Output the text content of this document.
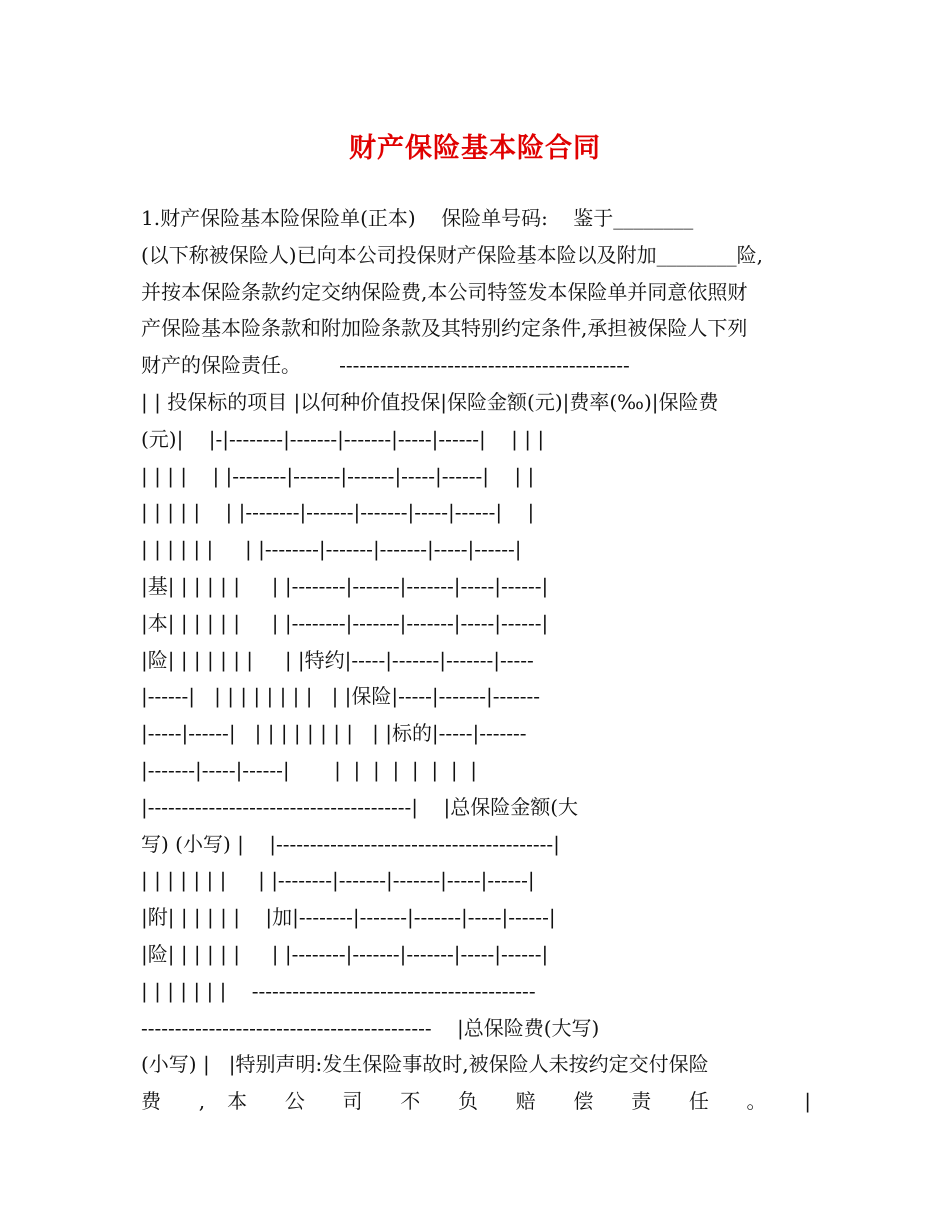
财产保险基本险合同
1.财产保险基本险保险单(正本)    保险单号码:    鉴于________
(以下称被保险人)已向本公司投保财产保险基本险以及附加________险,
并按本保险条款约定交纳保险费,本公司特签发本保险单并同意依照财
产保险基本险条款和附加险条款及其特别约定条件,承担被保险人下列
财产的保险责任。      -------------------------------------------
| | 投保标的项目 |以何种价值投保|保险金额(元)|费率(‰)|保险费
(元)|    |-|--------|-------|-------|-----|------|    | | |
| | | |    | |--------|-------|-------|-----|------|    | |
| | | | |    | |--------|-------|-------|-----|------|    |
| | | | | |     | |--------|-------|-------|-----|------|
|基| | | | | |     | |--------|-------|-------|-----|------|
|本| | | | | |     | |--------|-------|-------|-----|------|
|险| | | | | | |     | |特约|-----|-------|-------|-----
|------|   | | | | | | | |   | |保险|-----|-------|-------
|-----|------|   | | | | | | | |   | |标的|-----|-------
|-------|-----|------|       |  |  |  |  |  |  |  |
|---------------------------------------|    |总保险金额(大
写) (小写) |    |-----------------------------------------|
| | | | | | |     | |--------|-------|-------|-----|------|
|附| | | | | |    |加|--------|-------|-------|-----|------|
|险| | | | | |     | |--------|-------|-------|-----|------|
| | | | | | |    ------------------------------------------
-------------------------------------------    |总保险费(大写)
(小写) |   |特别声明:发生保险事故时,被保险人未按约定交付保险
费 , 本 公 司 不 负 赔 偿 责 任 。 |
